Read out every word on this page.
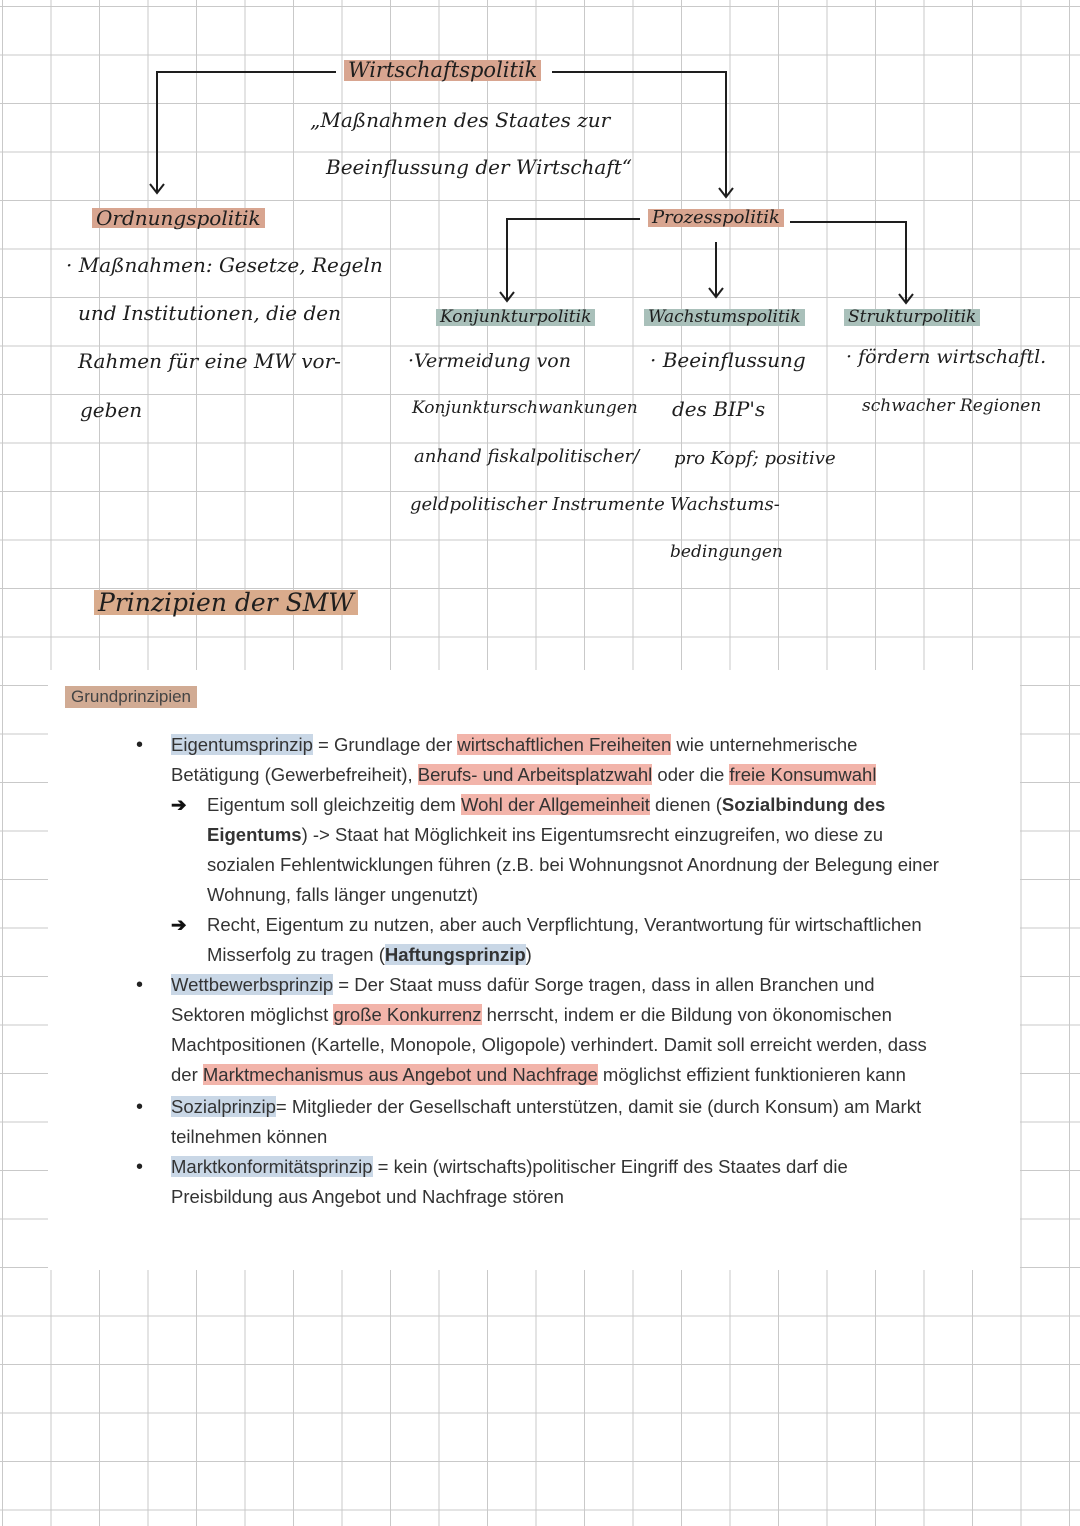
Wirtschaftspolitik
„Maßnahmen des Staates zur
Beeinflussung der Wirtschaft“
Ordnungspolitik
· Maßnahmen: Gesetze, Regeln
und Institutionen, die den
Rahmen für eine MW vor-
geben
Prozesspolitik
Konjunkturpolitik
·Vermeidung von
Konjunkturschwankungen
anhand fiskalpolitischer/
geldpolitischer Instrumente
Wachstumspolitik
· Beeinflussung
des BIP's
pro Kopf; positive
Wachstums-
bedingungen
Strukturpolitik
· fördern wirtschaftl.
schwacher Regionen
Prinzipien der SMW
Grundprinzipien
• Eigentumsprinzip = Grundlage der wirtschaftlichen Freiheiten wie unternehmerische Betätigung (Gewerbefreiheit), Berufs- und Arbeitsplatzwahl oder die freie Konsumwahl
➔ Eigentum soll gleichzeitig dem Wohl der Allgemeinheit dienen (Sozialbindung des Eigentums) -> Staat hat Möglichkeit ins Eigentumsrecht einzugreifen, wo diese zu sozialen Fehlentwicklungen führen (z.B. bei Wohnungsnot Anordnung der Belegung einer Wohnung, falls länger ungenutzt)
➔ Recht, Eigentum zu nutzen, aber auch Verpflichtung, Verantwortung für wirtschaftlichen Misserfolg zu tragen (Haftungsprinzip)
• Wettbewerbsprinzip = Der Staat muss dafür Sorge tragen, dass in allen Branchen und Sektoren möglichst große Konkurrenz herrscht, indem er die Bildung von ökonomischen Machtpositionen (Kartelle, Monopole, Oligopole) verhindert. Damit soll erreicht werden, dass der Marktmechanismus aus Angebot und Nachfrage möglichst effizient funktionieren kann
• Sozialprinzip= Mitglieder der Gesellschaft unterstützen, damit sie (durch Konsum) am Markt teilnehmen können
• Marktkonformitätsprinzip = kein (wirtschafts)politischer Eingriff des Staates darf die Preisbildung aus Angebot und Nachfrage stören
